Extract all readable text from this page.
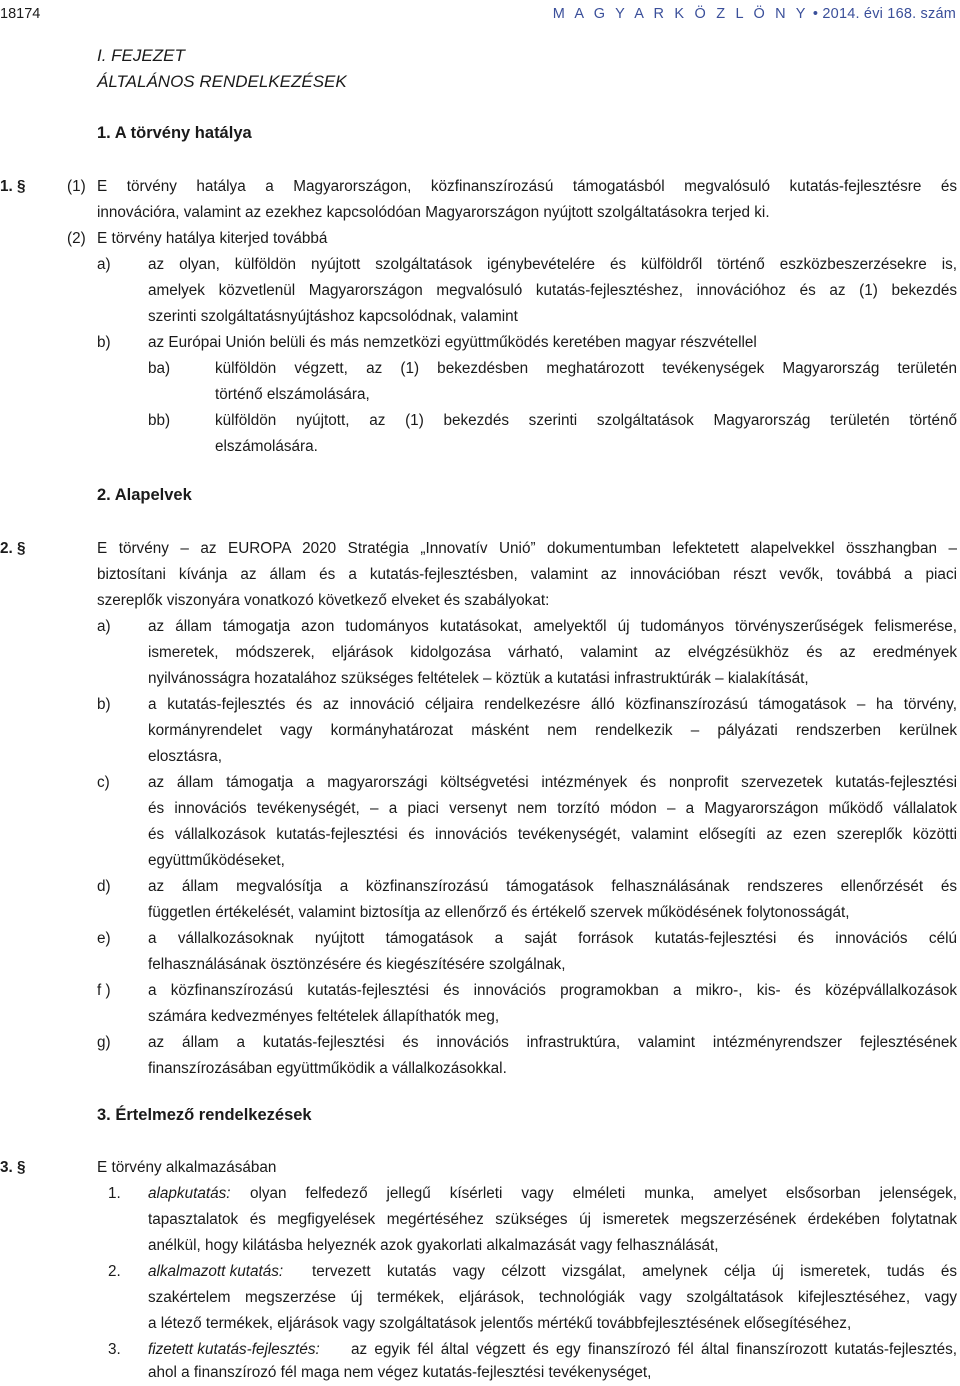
18174	M A G Y A R K Ö Z L Ö N Y • 2014. évi 168. szám
I. FEJEZET
ÁLTALÁNOS RENDELKEZÉSEK
1. A törvény hatálya
1. §	(1) E törvény hatálya a Magyarországon, közfinanszírozású támogatásból megvalósuló kutatás-fejlesztésre és
innovációra, valamint az ezekhez kapcsolódóan Magyarországon nyújtott szolgáltatásokra terjed ki.
(2) E törvény hatálya kiterjed továbbá
a) az olyan, külföldön nyújtott szolgáltatások igénybevételére és külföldről történő eszközbeszerzésekre is,
amelyek közvetlenül Magyarországon megvalósuló kutatás-fejlesztéshez, innovációhoz és az (1) bekezdés
szerinti szolgáltatásnyújtáshoz kapcsolódnak, valamint
b) az Európai Unión belüli és más nemzetközi együttműködés keretében magyar részvétellel
ba)	külföldön végzett, az (1) bekezdésben meghatározott tevékenységek Magyarország területén
történő elszámolására,
bb)	külföldön nyújtott, az (1) bekezdés szerinti szolgáltatások Magyarország területén történő
elszámolására.
2. Alapelvek
2. §	E törvény – az EUROPA 2020 Stratégia „Innovatív Unió” dokumentumban lefektetett alapelvekkel összhangban –
biztosítani kívánja az állam és a kutatás-fejlesztésben, valamint az innovációban részt vevők, továbbá a piaci
szereplők viszonyára vonatkozó következő elveket és szabályokat:
a) az állam támogatja azon tudományos kutatásokat, amelyektől új tudományos törvényszerűségek felismerése,
ismeretek, módszerek, eljárások kidolgozása várható, valamint az elvégzésükhöz és az eredmények
nyilvánosságra hozatalához szükséges feltételek – köztük a kutatási infrastruktúrák – kialakítását,
b) a kutatás-fejlesztés és az innováció céljaira rendelkezésre álló közfinanszírozású támogatások – ha törvény,
kormányrendelet vagy kormányhatározat másként nem rendelkezik – pályázati rendszerben kerülnek
elosztásra,
c)	az állam támogatja a magyarországi költségvetési intézmények és nonprofit szervezetek kutatás-fejlesztési
és innovációs tevékenységét, – a piaci versenyt nem torzító módon – a Magyarországon működő vállalatok
és vállalkozások kutatás-fejlesztési és innovációs tevékenységét, valamint elősegíti az ezen szereplők közötti
együttműködéseket,
d) az állam megvalósítja a közfinanszírozású támogatások felhasználásának rendszeres ellenőrzését és
független értékelését, valamint biztosítja az ellenőrző és értékelő szervek működésének folytonosságát,
e) a vállalkozásoknak nyújtott támogatások a saját források kutatás-fejlesztési és innovációs célú
felhasználásának ösztönzésére és kiegészítésére szolgálnak,
f ) a közfinanszírozású kutatás-fejlesztési és innovációs programokban a mikro-, kis- és középvállalkozások
számára kedvezményes feltételek állapíthatók meg,
g) az állam a kutatás-fejlesztési és innovációs infrastruktúra, valamint intézményrendszer fejlesztésének
finanszírozásában együttműködik a vállalkozásokkal.
3. Értelmező rendelkezések
3. §	E törvény alkalmazásában
1. alapkutatás: olyan felfedező jellegű kísérleti vagy elméleti munka, amelyet elsősorban jelenségek,
tapasztalatok és megfigyelések megértéséhez szükséges új ismeretek megszerzésének érdekében folytatnak
anélkül, hogy kilátásba helyeznék azok gyakorlati alkalmazását vagy felhasználását,
2. alkalmazott kutatás: tervezett kutatás vagy célzott vizsgálat, amelynek célja új ismeretek, tudás és
szakértelem megszerzése új termékek, eljárások, technológiák vagy szolgáltatások kifejlesztéséhez, vagy
a létező termékek, eljárások vagy szolgáltatások jelentős mértékű továbbfejlesztésének elősegítéséhez,
3. fizetett kutatás-fejlesztés: az egyik fél által végzett és egy finanszírozó fél által finanszírozott kutatás-fejlesztés,
ahol a finanszírozó fél maga nem végez kutatás-fejlesztési tevékenységet,
